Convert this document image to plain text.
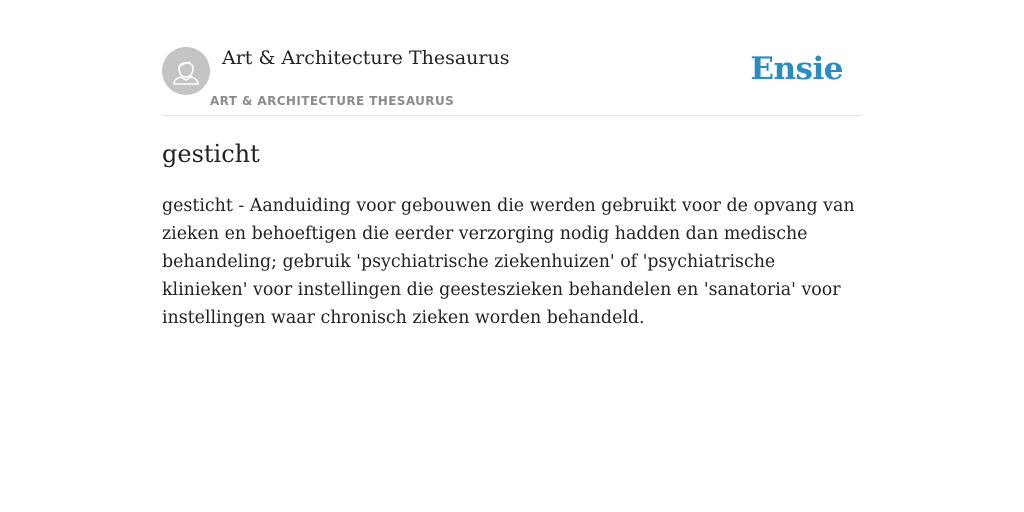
Art & Architecture Thesaurus
ART & ARCHITECTURE THESAURUS
Ensie
gesticht

gesticht - Aanduiding voor gebouwen die werden gebruikt voor de opvang van zieken en behoeftigen die eerder verzorging nodig hadden dan medische behandeling; gebruik 'psychiatrische ziekenhuizen' of 'psychiatrische klinieken' voor instellingen die geesteszieken behandelen en 'sanatoria' voor instellingen waar chronisch zieken worden behandeld.
